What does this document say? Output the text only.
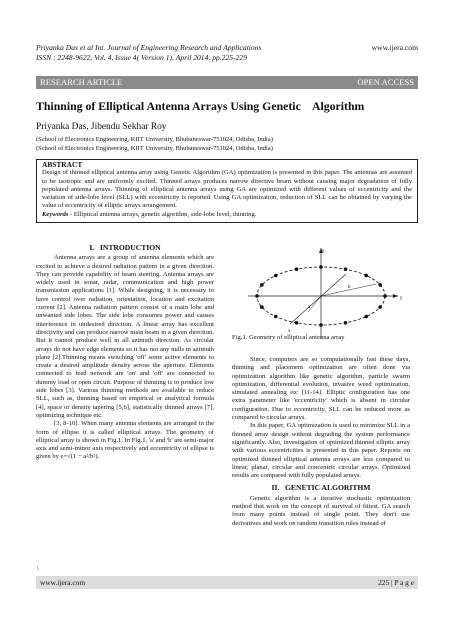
Priyanka Das et al Int. Journal of Engineering Research and Applications
ISSN : 2248-9622, Vol. 4, Issue 4( Version 1), April 2014, pp.225-229
www.ijera.com
RESEARCH ARTICLE	OPEN ACCESS
Thinning of Elliptical Antenna Arrays Using Genetic    Algorithm
Priyanka Das, Jibendu Sekhar Roy
(School of Electronics Engineering, KIIT University, Bhubaneswar-751024, Odisha, India)
(School of Electronics Engineering, KIIT University, Bhubaneswar-751024, Odisha, India)
ABSTRACT
Design of thinned elliptical antenna array using Genetic Algorithm (GA) optimization is presented in this paper. The antennas are assumed to be isotropic and are uniformly excited. Thinned arrays produces narrow directive beam without causing major degradation of fully populated antenna arrays. Thinning of elliptical antenna arrays using GA are optimized with different values of eccentricity and the variation of side-lobe level (SLL) with eccentricity is reported. Using GA optimization, reduction of SLL can be obtained by varying the value of eccentricity of elliptic arrays arrangement.
Keywords - Elliptical antenna arrays, genetic algorithm, side-lobe level, thinning.
I.   INTRODUCTION

Antenna arrays are a group of antenna elements which are excited to achieve a desired radiation pattern in a given direction. They can provide capability of beam steering. Antenna arrays are widely used in sonar, radar, communication and high power transmission applications [1]. While designing, it is necessary to have control over radiation, orientation, location and excitation current [2]. Antenna radiation pattern consist of a main lobe and unwanted side lobes. The side lobe consumes power and causes interference in undesired direction. A linear array has excellent directivity and can produce narrow main beam in a given direction. But it cannot produce well in all azimuth direction. As circular arrays do not have edge elements so it has not any nulls in azimuth plane [2].Thinning means switching 'off' some active elements to create a desired amplitude density across the aperture. Elements connected to feed network are 'on' and 'off' are connected to dummy load or open circuit. Purpose of thinning is to produce low side lobes [3]. Various thinning methods are available to reduce SLL, such as, thinning based on empirical or analytical formula [4], space or density tapering [5,6], statistically thinned arrays [7], optimizing technique etc.

[3, 8-10]. When many antenna elements are arranged in the form of ellipse it is called elliptical arrays. The geometry of elliptical array is shown in Fig.1. In Fig.1, 'a' and 'b' are semi-major axis and semi-minor axis respectively and eccentricity of ellipse is given by e=√(1 − a²/b²).

y
b
a
y
x
Fig.1. Geometry of elliptical antenna array

Since, computers are so computationally fast these days, thinning and placement optimization are often done via optimization algorithm like genetic algorithm, particle swarm optimization, differential evolution, invasive weed optimization, simulated annealing etc [11-14]. Elliptic configuration has one extra parameter like 'eccentricity' which is absent in circular configuration. Due to eccentricity, SLL can be reduced more as compared to circular arrays.

In this paper, GA optimization is used to minimize SLL in a thinned array design without degrading the system performance significantly. Also, investigation of optimized thinned elliptic array with various eccentricities is presented in this paper. Reports on optimized thinned elliptical antenna arrays are less compared to linear, planar, circular and concentric circular arrays. Optimized results are compared with fully populated arrays.

II.   GENETIC ALGORITHM

Genetic algorithm is a iterative stochastic optimization method that work on the concept of survival of fittest. GA search from many points instead of single point. They don't use derivatives and work on random transition rules instead of

\
www.ijera.com	225 | P a g e
